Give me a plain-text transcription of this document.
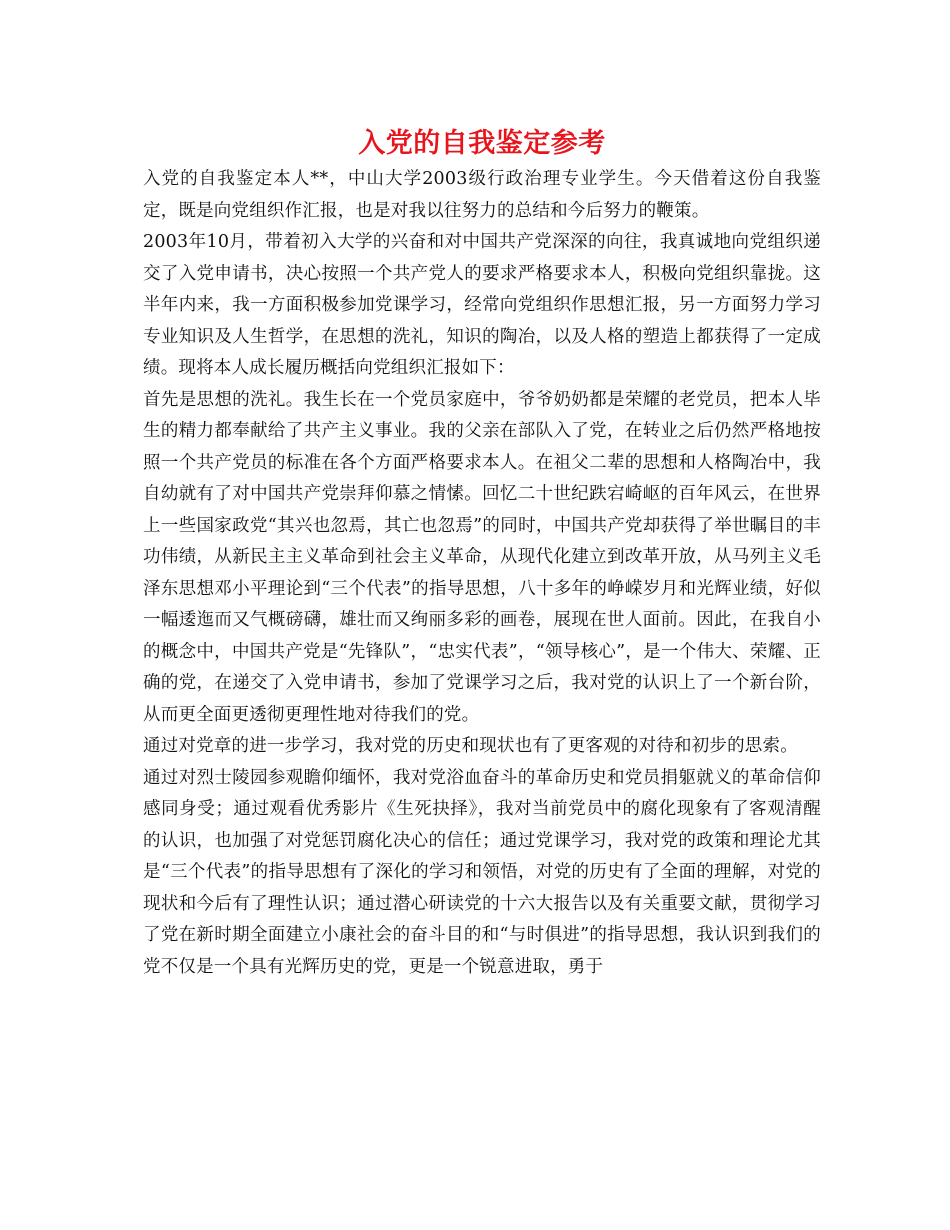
入党的自我鉴定参考

入党的自我鉴定本人**，中山大学2003级行政治理专业学生。今天借着这份自我鉴定，既是向党组织作汇报，也是对我以往努力的总结和今后努力的鞭策。

2003年10月，带着初入大学的兴奋和对中国共产党深深的向往，我真诚地向党组织递交了入党申请书，决心按照一个共产党人的要求严格要求本人，积极向党组织靠拢。这半年内来，我一方面积极参加党课学习，经常向党组织作思想汇报，另一方面努力学习专业知识及人生哲学，在思想的洗礼，知识的陶冶，以及人格的塑造上都获得了一定成绩。现将本人成长履历概括向党组织汇报如下：

首先是思想的洗礼。我生长在一个党员家庭中，爷爷奶奶都是荣耀的老党员，把本人毕生的精力都奉献给了共产主义事业。我的父亲在部队入了党，在转业之后仍然严格地按照一个共产党员的标准在各个方面严格要求本人。在祖父二辈的思想和人格陶冶中，我自幼就有了对中国共产党崇拜仰慕之情愫。回忆二十世纪跌宕崎岖的百年风云，在世界上一些国家政党“其兴也忽焉，其亡也忽焉”的同时，中国共产党却获得了举世瞩目的丰功伟绩，从新民主主义革命到社会主义革命，从现代化建立到改革开放，从马列主义毛泽东思想邓小平理论到“三个代表”的指导思想，八十多年的峥嵘岁月和光辉业绩，好似一幅逶迤而又气概磅礴，雄壮而又绚丽多彩的画卷，展现在世人面前。因此，在我自小的概念中，中国共产党是“先锋队”，“忠实代表”，“领导核心”，是一个伟大、荣耀、正确的党，在递交了入党申请书，参加了党课学习之后，我对党的认识上了一个新台阶，从而更全面更透彻更理性地对待我们的党。

通过对党章的进一步学习，我对党的历史和现状也有了更客观的对待和初步的思索。

通过对烈士陵园参观瞻仰缅怀，我对党浴血奋斗的革命历史和党员捐躯就义的革命信仰感同身受；通过观看优秀影片《生死抉择》，我对当前党员中的腐化现象有了客观清醒的认识，也加强了对党惩罚腐化决心的信任；通过党课学习，我对党的政策和理论尤其是“三个代表”的指导思想有了深化的学习和领悟，对党的历史有了全面的理解，对党的现状和今后有了理性认识；通过潜心研读党的十六大报告以及有关重要文献，贯彻学习了党在新时期全面建立小康社会的奋斗目的和“与时俱进”的指导思想，我认识到我们的党不仅是一个具有光辉历史的党，更是一个锐意进取，勇于
